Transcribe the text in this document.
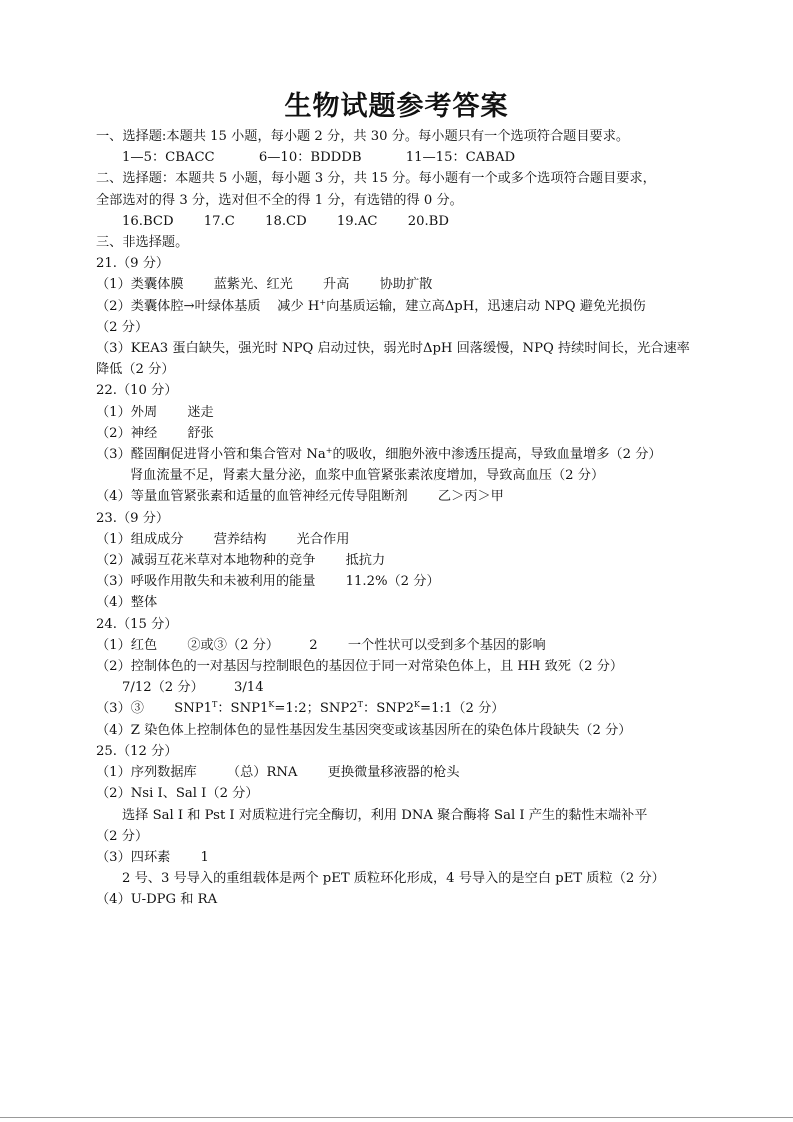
生物试题参考答案
一、选择题:本题共 15 小题，每小题 2 分，共 30 分。每小题只有一个选项符合题目要求。
1—5：CBACC	6—10：BDDDB	11—15：CABAD
二、选择题：本题共 5 小题，每小题 3 分，共 15 分。每小题有一个或多个选项符合题目要求，
全部选对的得 3 分，选对但不全的得 1 分，有选错的得 0 分。
16.BCD 17.C 18.CD 19.AC 20.BD
三、非选择题。
21.（9 分）
（1）类囊体膜 蓝紫光、红光 升高 协助扩散
（2）类囊体腔→叶绿体基质 减少 H+向基质运输，建立高ΔpH，迅速启动 NPQ 避免光损伤
（2 分）
（3）KEA3 蛋白缺失，强光时 NPQ 启动过快，弱光时ΔpH 回落缓慢，NPQ 持续时间长，光合速率降低（2 分）
22.（10 分）
（1）外周 迷走
（2）神经 舒张
（3）醛固酮促进肾小管和集合管对 Na+的吸收，细胞外液中渗透压提高，导致血量增多（2 分）
肾血流量不足，肾素大量分泌，血浆中血管紧张素浓度增加，导致高血压（2 分）
（4）等量血管紧张素和适量的血管神经元传导阻断剂 乙＞丙＞甲
23.（9 分）
（1）组成成分 营养结构 光合作用
（2）减弱互花米草对本地物种的竞争 抵抗力
（3）呼吸作用散失和未被利用的能量 11.2%（2 分）
（4）整体
24.（15 分）
（1）红色 ②或③（2 分） 2 一个性状可以受到多个基因的影响
（2）控制体色的一对基因与控制眼色的基因位于同一对常染色体上，且 HH 致死（2 分）
7/12（2 分） 3/14
（3）③ $SNP1^T$：$SNP1^K=1:2$；$SNP2^T$：$SNP2^K=1:1(2$ 分）
（4）Z 染色体上控制体色的显性基因发生基因突变或该基因所在的染色体片段缺失（2 分）
25.（12 分）
（1）序列数据库 （总）RNA 更换微量移液器的枪头
（2）Nsi I、Sal I（2 分）
选择 Sal I 和 Pst I 对质粒进行完全酶切，利用 DNA 聚合酶将 Sal I 产生的黏性末端补平
（2 分）
（3）四环素 1
2 号、3 号导入的重组载体是两个 pET 质粒环化形成，4 号导入的是空白 pET 质粒（2 分）
（4）U-DPG 和 RA
